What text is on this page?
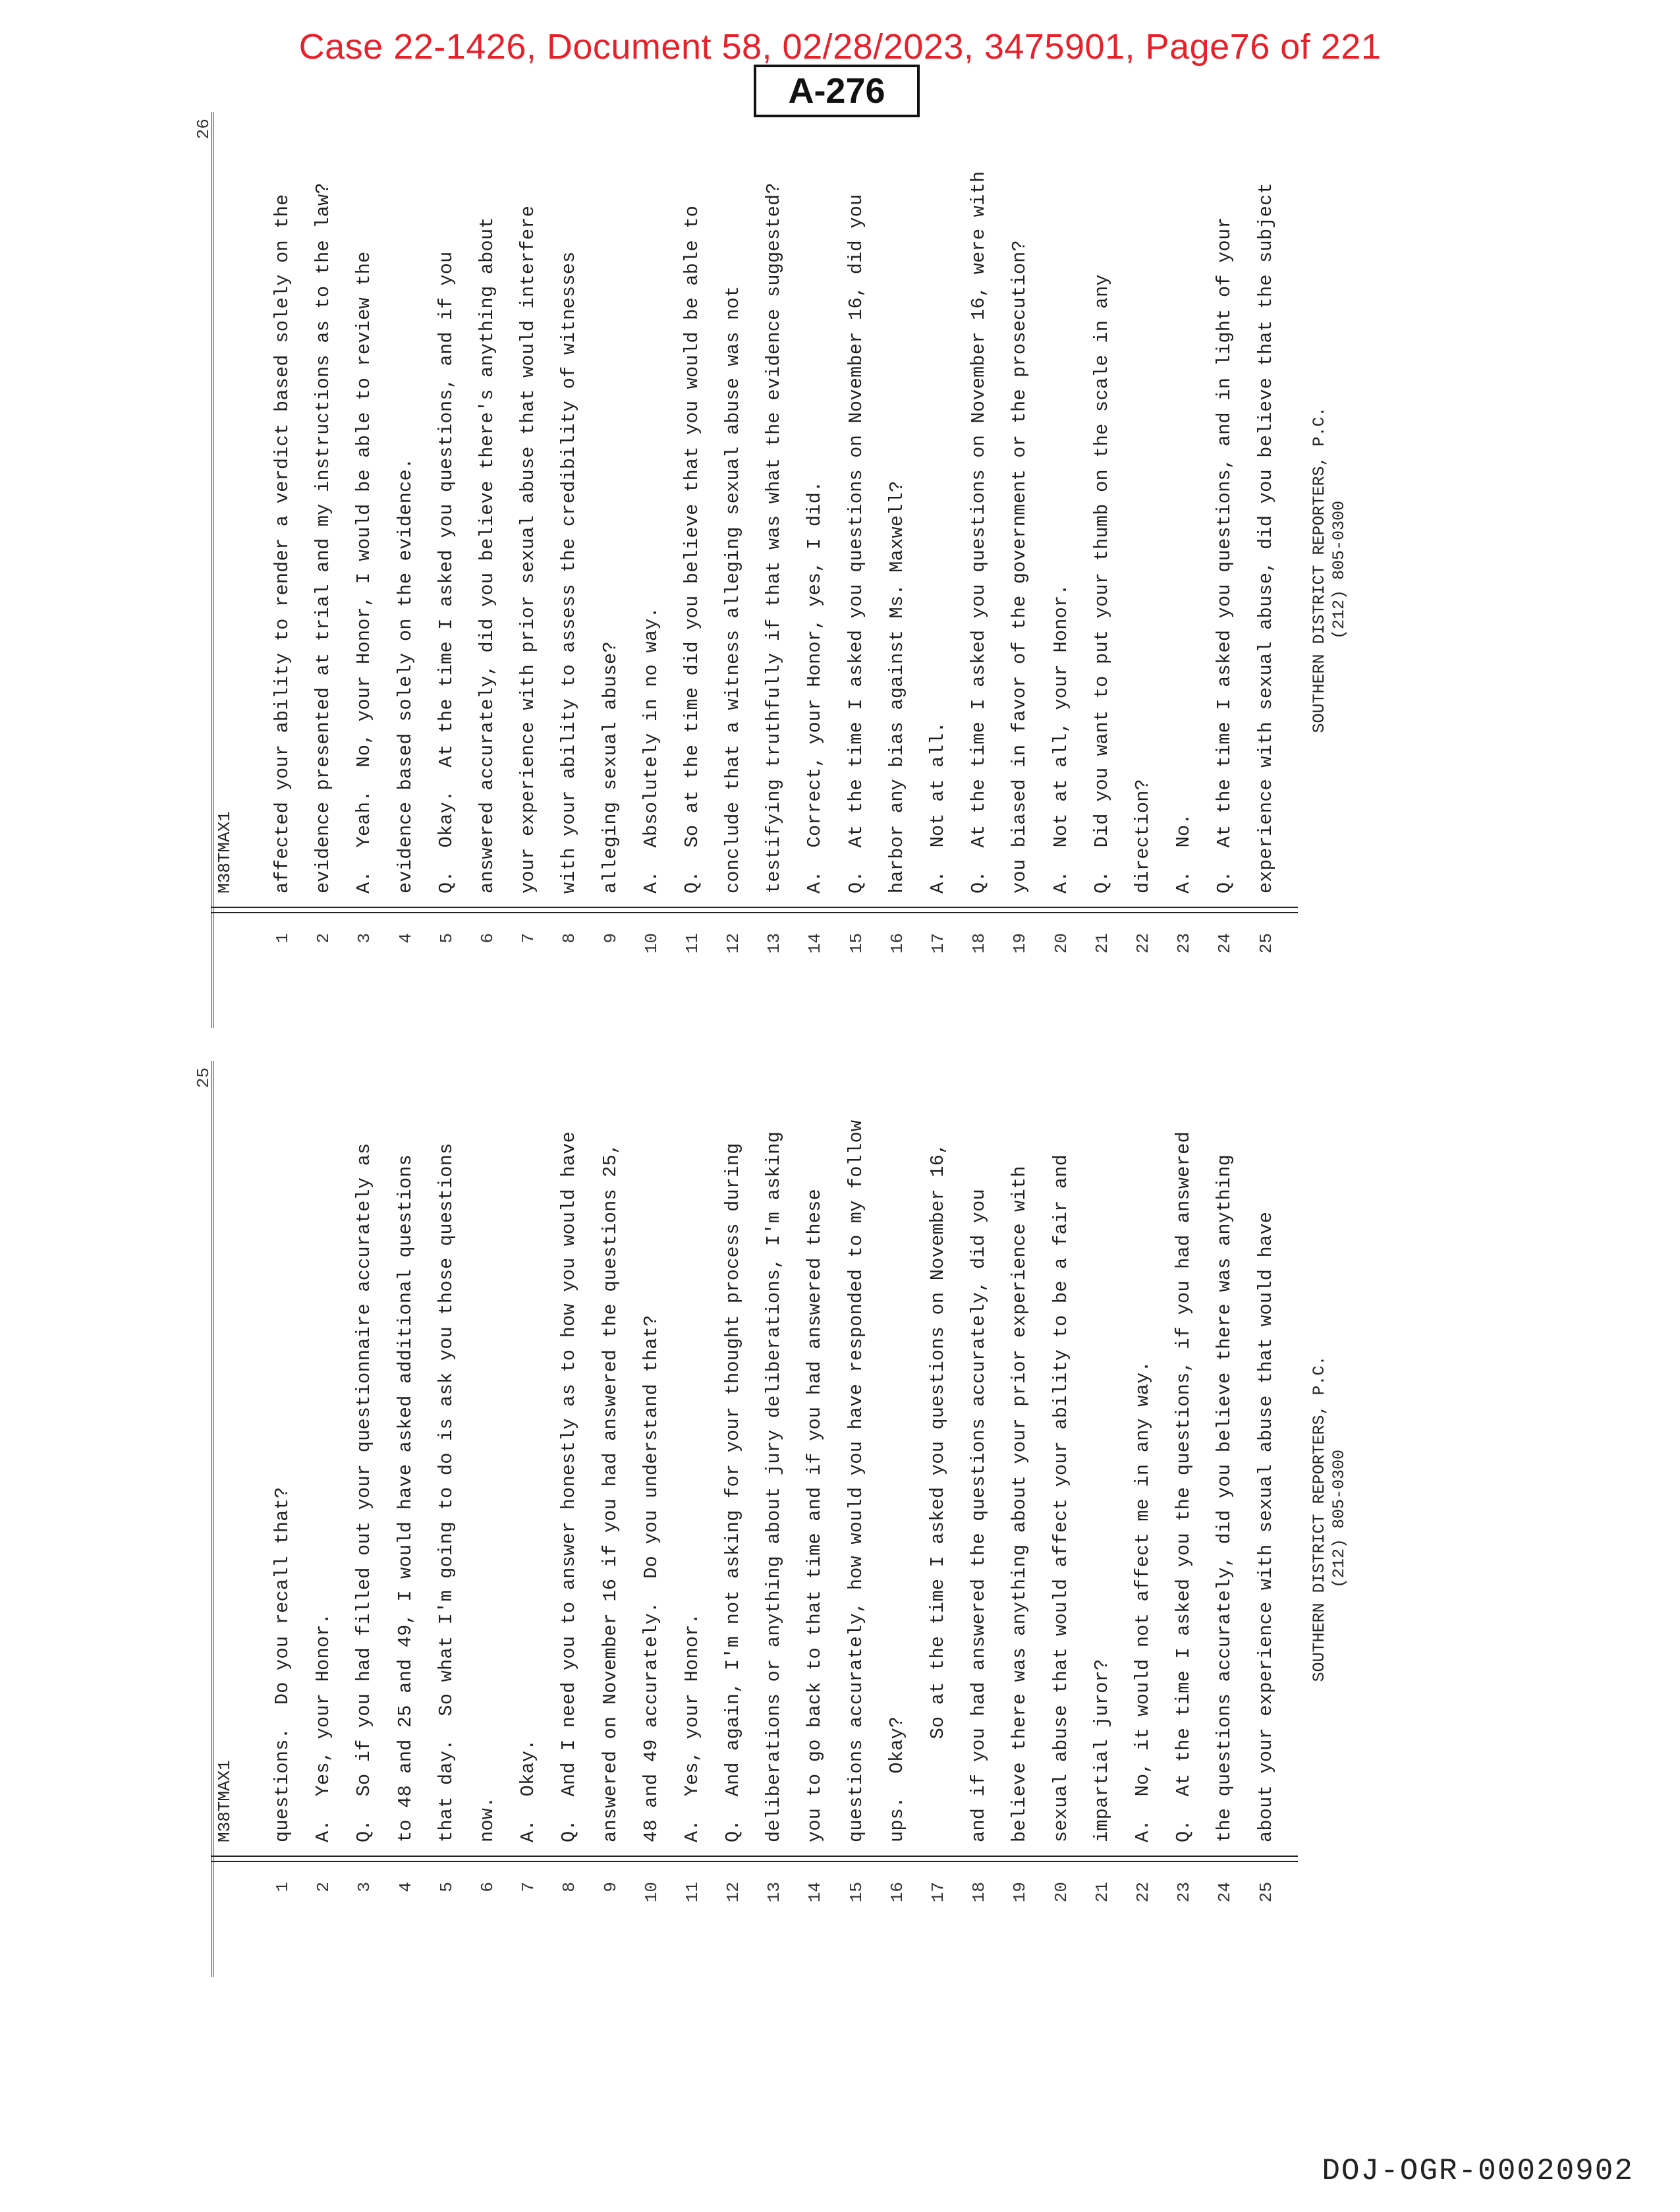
Case 22-1426, Document 58, 02/28/2023, 3475901, Page76 of 221
A-276
25
M38TMAX1
1
questions.  Do you recall that?
2
A.  Yes, your Honor.
3
Q.  So if you had filled out your questionnaire accurately as
4
to 48 and 25 and 49, I would have asked additional questions
5
that day.  So what I'm going to do is ask you those questions
6
now.
7
A.  Okay.
8
Q.  And I need you to answer honestly as to how you would have
9
answered on November 16 if you had answered the questions 25,
10
48 and 49 accurately.  Do you understand that?
11
A.  Yes, your Honor.
12
Q.  And again, I'm not asking for your thought process during
13
deliberations or anything about jury deliberations, I'm asking
14
you to go back to that time and if you had answered these
15
questions accurately, how would you have responded to my follow
16
ups.  Okay?
17
So at the time I asked you questions on November 16,
18
and if you had answered the questions accurately, did you
19
believe there was anything about your prior experience with
20
sexual abuse that would affect your ability to be a fair and
21
impartial juror?
22
A.  No, it would not affect me in any way.
23
Q.  At the time I asked you the questions, if you had answered
24
the questions accurately, did you believe there was anything
25
about your experience with sexual abuse that would have	SOUTHERN DISTRICT REPORTERS, P.C. (212) 805-0300
26
M38TMAX1
1
affected your ability to render a verdict based solely on the
2
evidence presented at trial and my instructions as to the law?
3
A.  Yeah.  No, your Honor, I would be able to review the
4
evidence based solely on the evidence.
5
Q.  Okay.  At the time I asked you questions, and if you
6
answered accurately, did you believe there's anything about
7
your experience with prior sexual abuse that would interfere
8
with your ability to assess the credibility of witnesses
9
alleging sexual abuse?
10
A.  Absolutely in no way.
11
Q.  So at the time did you believe that you would be able to
12
conclude that a witness alleging sexual abuse was not
13
testifying truthfully if that was what the evidence suggested?
14
A.  Correct, your Honor, yes, I did.
15
Q.  At the time I asked you questions on November 16, did you
16
harbor any bias against Ms. Maxwell?
17
A.  Not at all.
18
Q.  At the time I asked you questions on November 16, were with
19
you biased in favor of the government or the prosecution?
20
A.  Not at all, your Honor.
21
Q.  Did you want to put your thumb on the scale in any
22
direction?
23
A.  No.
24
Q.  At the time I asked you questions, and in light of your
25
experience with sexual abuse, did you believe that the subject	SOUTHERN DISTRICT REPORTERS, P.C. (212) 805-0300
DOJ-OGR-00020902
